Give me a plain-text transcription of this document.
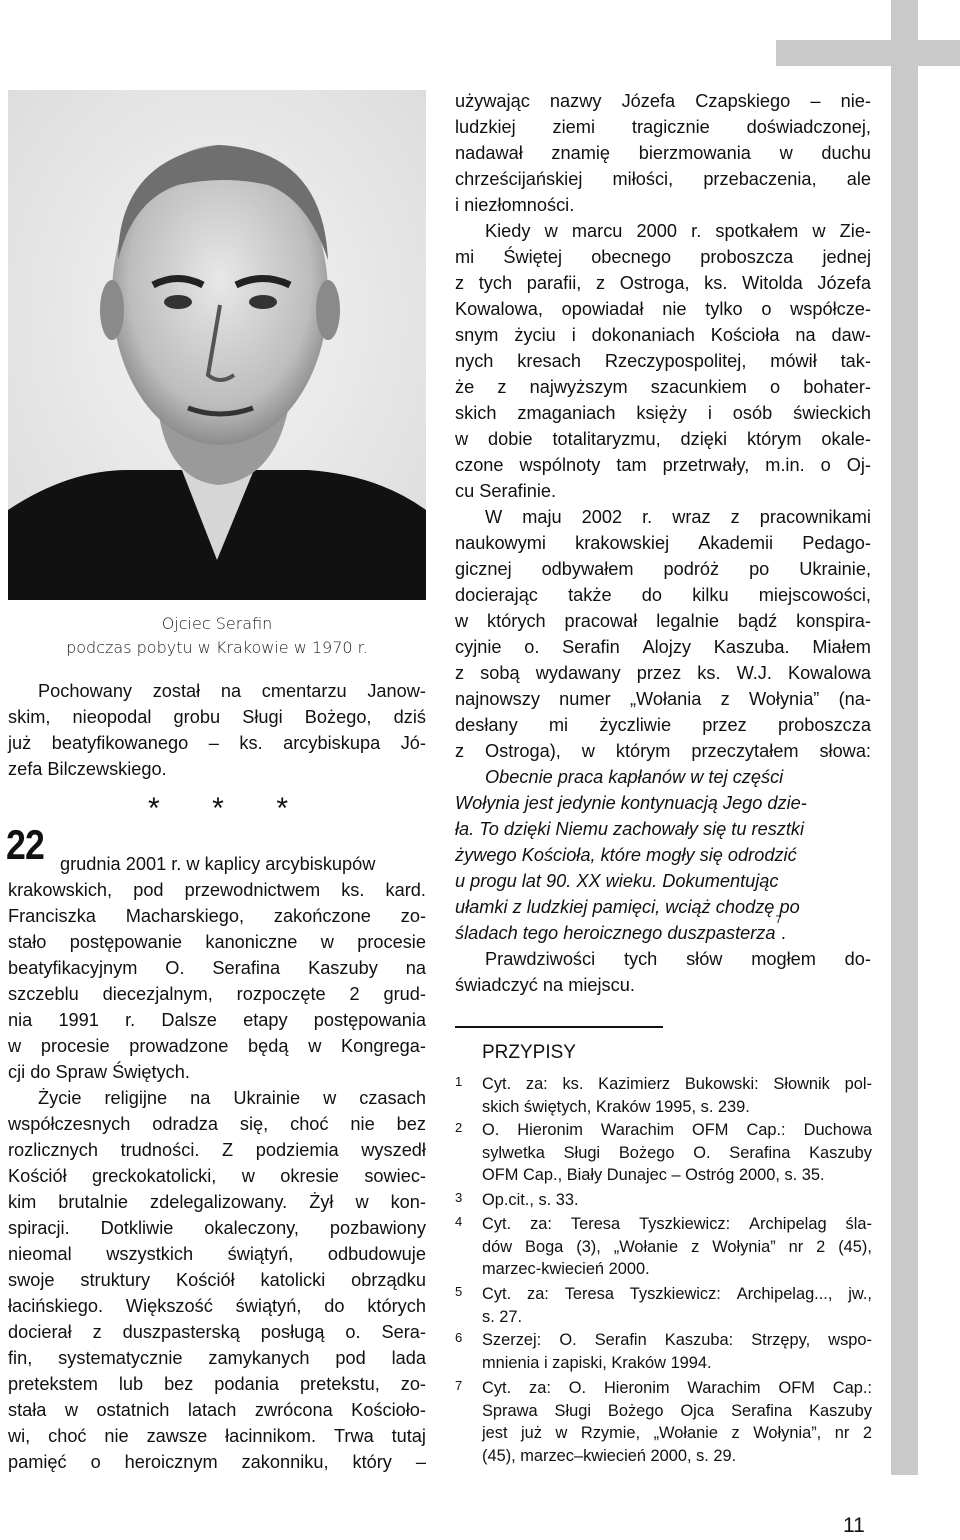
Ojciec Serafin
podczas pobytu w Krakowie w 1970 r.
Pochowany został na cmentarzu Janow-
skim, nieopodal grobu Sługi Bożego, dziś
już beatyfikowanego – ks. arcybiskupa Jó-
zefa Bilczewskiego.
* * *
22 grudnia 2001 r. w kaplicy arcybiskupów
krakowskich, pod przewodnictwem ks. kard.
Franciszka Macharskiego, zakończone zo-
stało postępowanie kanoniczne w procesie
beatyfikacyjnym O. Serafina Kaszuby na
szczeblu diecezjalnym, rozpoczęte 2 grud-
nia 1991 r. Dalsze etapy postępowania
w procesie prowadzone będą w Kongrega-
cji do Spraw Świętych.
Życie religijne na Ukrainie w czasach
współczesnych odradza się, choć nie bez
rozlicznych trudności. Z podziemia wyszedł
Kościół greckokatolicki, w okresie sowiec-
kim brutalnie zdelegalizowany. Żył w kon-
spiracji. Dotkliwie okaleczony, pozbawiony
nieomal wszystkich świątyń, odbudowuje
swoje struktury Kościół katolicki obrządku
łacińskiego. Większość świątyń, do których
docierał z duszpasterską posługą o. Sera-
fin, systematycznie zamykanych pod lada
pretekstem lub bez podania pretekstu, zo-
stała w ostatnich latach zwrócona Kościoło-
wi, choć nie zawsze łacinnikom. Trwa tutaj
pamięć o heroicznym zakonniku, który –
używając nazwy Józefa Czapskiego – nie-
ludzkiej ziemi tragicznie doświadczonej,
nadawał znamię bierzmowania w duchu
chrześcijańskiej miłości, przebaczenia, ale
i niezłomności.
Kiedy w marcu 2000 r. spotkałem w Zie-
mi Świętej obecnego proboszcza jednej
z tych parafii, z Ostroga, ks. Witolda Józefa
Kowalowa, opowiadał nie tylko o współcze-
snym życiu i dokonaniach Kościoła na daw-
nych kresach Rzeczypospolitej, mówił tak-
że z najwyższym szacunkiem o bohater-
skich zmaganiach księży i osób świeckich
w dobie totalitaryzmu, dzięki którym okale-
czone wspólnoty tam przetrwały, m.in. o Oj-
cu Serafinie.
W maju 2002 r. wraz z pracownikami
naukowymi krakowskiej Akademii Pedago-
gicznej odbywałem podróż po Ukrainie,
docierając także do kilku miejscowości,
w których pracował legalnie bądź konspira-
cyjnie o. Serafin Alojzy Kaszuba. Miałem
z sobą wydawany przez ks. W.J. Kowalowa
najnowszy numer „Wołania z Wołynia” (na-
desłany mi życzliwie przez proboszcza
z Ostroga), w którym przeczytałem słowa:
Obecnie praca kapłanów w tej części
Wołynia jest jedynie kontynuacją Jego dzie-
ła. To dzięki Niemu zachowały się tu resztki
żywego Kościoła, które mogły się odrodzić
u progu lat 90. XX wieku. Dokumentując
ułamki z ludzkiej pamięci, wciąż chodzę po
śladach tego heroicznego duszpasterza
7
.
Prawdziwości tych słów mogłem do-
świadczyć na miejscu.
PRZYPISY
1 Cyt. za: ks. Kazimierz Bukowski: Słownik pol-
skich świętych, Kraków 1995, s. 239.
2 O. Hieronim Warachim OFM Cap.: Duchowa
sylwetka Sługi Bożego O. Serafina Kaszuby
OFM Cap., Biały Dunajec – Ostróg 2000, s. 35.
3 Op.cit., s. 33.
4 Cyt. za: Teresa Tyszkiewicz: Archipelag śla-
dów Boga (3), „Wołanie z Wołynia” nr 2 (45),
marzec-kwiecień 2000.
5 Cyt. za: Teresa Tyszkiewicz: Archipelag..., jw.,
s. 27.
6 Szerzej: O. Serafin Kaszuba: Strzępy, wspo-
mnienia i zapiski, Kraków 1994.
7 Cyt. za: O. Hieronim Warachim OFM Cap.:
Sprawa Sługi Bożego Ojca Serafina Kaszuby
jest już w Rzymie, „Wołanie z Wołynia”, nr 2
(45), marzec–kwiecień 2000, s. 29.
11
